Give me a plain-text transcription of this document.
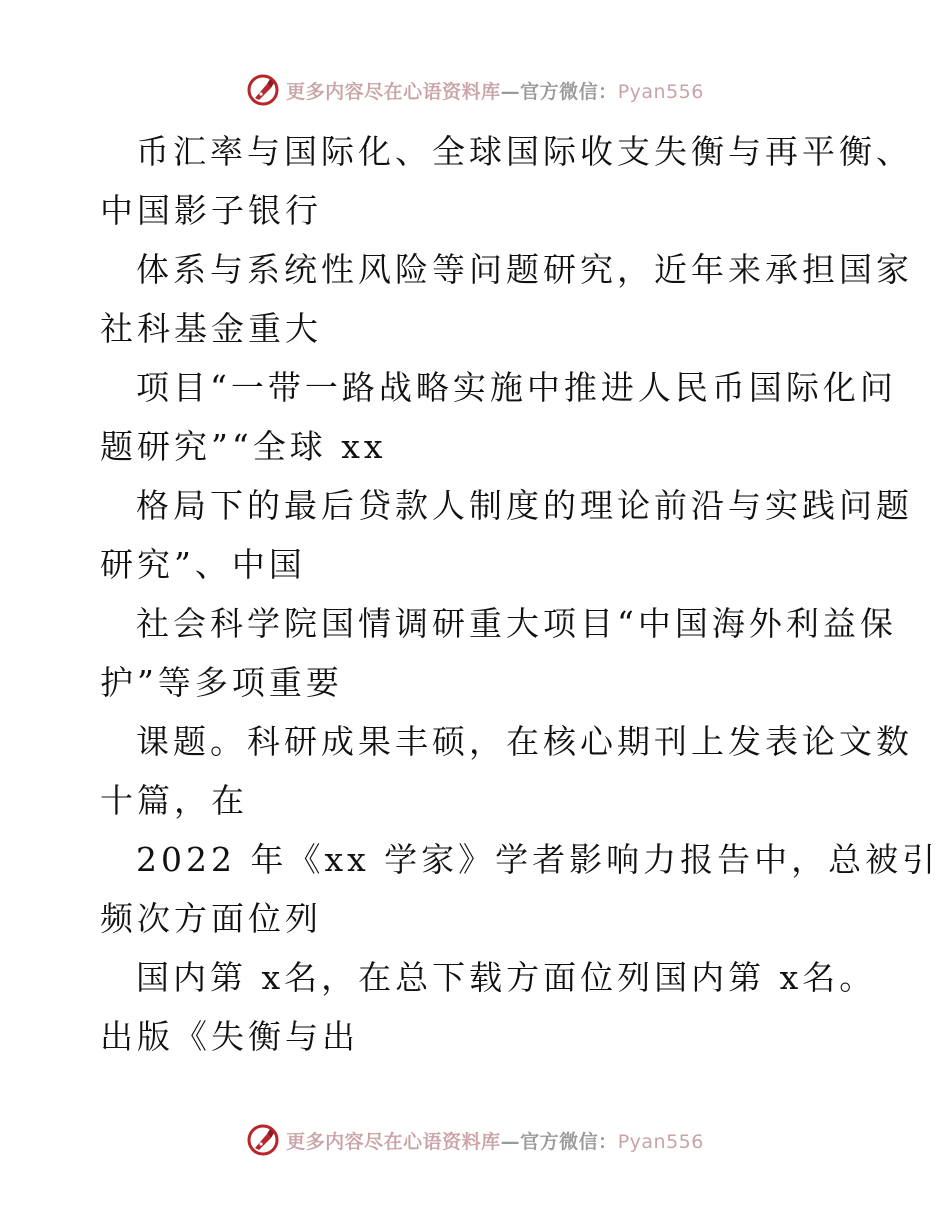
更多内容尽在心语资料库—官方微信：Pyan556
币汇率与国际化、全球国际收支失衡与再平衡、
中国影子银行
体系与系统性风险等问题研究，近年来承担国家
社科基金重大
项目“一带一路战略实施中推进人民币国际化问
题研究”“全球 xx
格局下的最后贷款人制度的理论前沿与实践问题
研究”、中国
社会科学院国情调研重大项目“中国海外利益保
护”等多项重要
课题。科研成果丰硕，在核心期刊上发表论文数
十篇，在
2022 年《xx 学家》学者影响力报告中，总被引
频次方面位列
国内第 x名，在总下载方面位列国内第 x名。
出版《失衡与出
更多内容尽在心语资料库—官方微信：Pyan556
